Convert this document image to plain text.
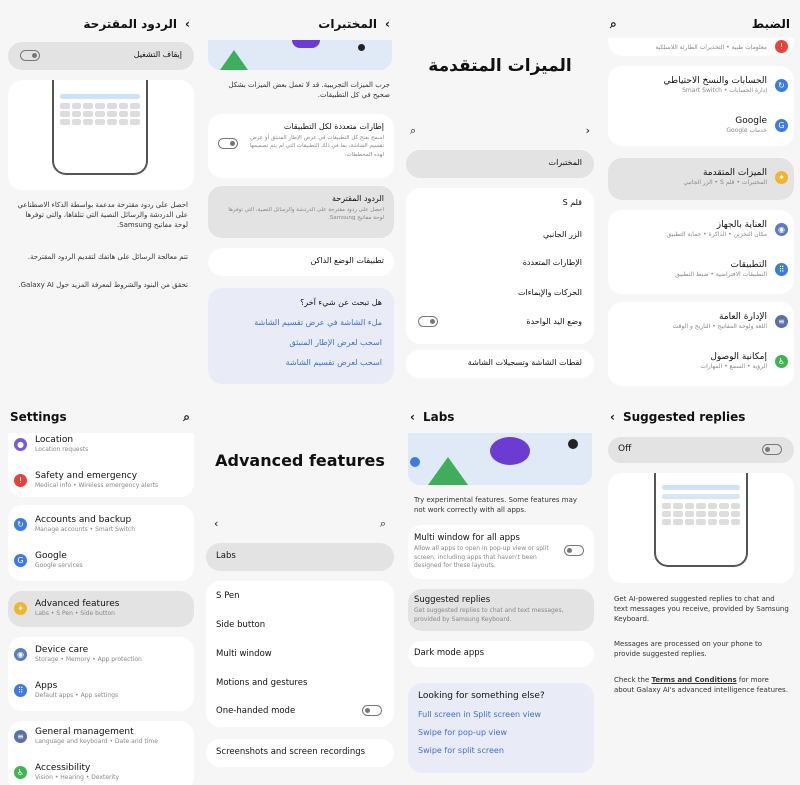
الضبط
⌕
!
معلومات طبية • التحذيرات الطارئة اللاسلكية
↻
الحسابات والنسخ الاحتياطي
إدارة الحسابات • Smart Switch
G
Google
خدمات Google
✦
الميزات المتقدمة
المختبرات • قلم S • الزر الجانبي
◉
العناية بالجهاز
مكان التخزين • الذاكرة • حماية التطبيق
⠿
التطبيقات
التطبيقات الافتراضية • ضبط التطبيق
≡
الإدارة العامة
اللغة ولوحة المفاتيح • التاريخ و الوقت
♿
إمكانية الوصول
الرؤية • السمع • المهارات
الميزات المتقدمة
‹
⌕
المختبرات
قلم S
الزر الجانبي
الإطارات المتعددة
الحركات والإيماءات
وضع اليد الواحدة
لقطات الشاشة وتسجيلات الشاشة
›
المختبرات
جرب الميزات التجريبية. قد لا تعمل بعض الميزات بشكل صحيح في كل التطبيقات.
إطارات متعددة لكل التطبيقات
اسمح بفتح كل التطبيقات في عرض الإطار المنبثق أو عرض تقسيم الشاشة، بما في ذلك التطبيقات التي لم يتم تصميمها لهذه المخططات.
الردود المقترحة
احصل على ردود مقترحة على الدردشة والرسائل النصية، التي توفرها لوحة مفاتيح Samsung.
تطبيقات الوضع الداكن
هل تبحث عن شيء آخر؟
ملء الشاشة في عرض تقسيم الشاشة
اسحب لعرض الإطار المنبثق
اسحب لعرض تقسيم الشاشة
›
الردود المقترحة
إيقاف التشغيل
احصل على ردود مقترحة مدعمة بواسطة الذكاء الاصطناعي على الدردشة والرسائل النصية التي تتلقاها، والتي توفرها لوحة مفاتيح Samsung.
تتم معالجة الرسائل على هاتفك لتقديم الردود المقترحة.
تحقق من البنود والشروط لمعرفة المزيد حول Galaxy AI.
Settings	⌕
●	Location
Location requests
!	Safety and emergency
Medical info • Wireless emergency alerts
↻	Accounts and backup
Manage accounts • Smart Switch
G	Google
Google services
✦	Advanced features
Labs • S Pen • Side button
◉	Device care
Storage • Memory • App protection
⠿	Apps
Default apps • App settings
≡	General management
Language and keyboard • Date and time
♿	Accessibility
Vision • Hearing • Dexterity
Advanced features
‹	⌕
Labs
S Pen
Side button
Multi window
Motions and gestures
One-handed mode
Screenshots and screen recordings
‹ Labs
Try experimental features. Some features may not work correctly with all apps.
Multi window for all apps
Allow all apps to open in pop-up view or split screen, including apps that haven't been designed for these layouts.
Suggested replies
Get suggested replies to chat and text messages, provided by Samsung Keyboard.
Dark mode apps
Looking for something else?
Full screen in Split screen view
Swipe for pop-up view
Swipe for split screen
‹ Suggested replies
Off
Get AI-powered suggested replies to chat and text messages you receive, provided by Samsung Keyboard.
Messages are processed on your phone to provide suggested replies.
Check the Terms and Conditions for more about Galaxy AI's advanced intelligence features.
